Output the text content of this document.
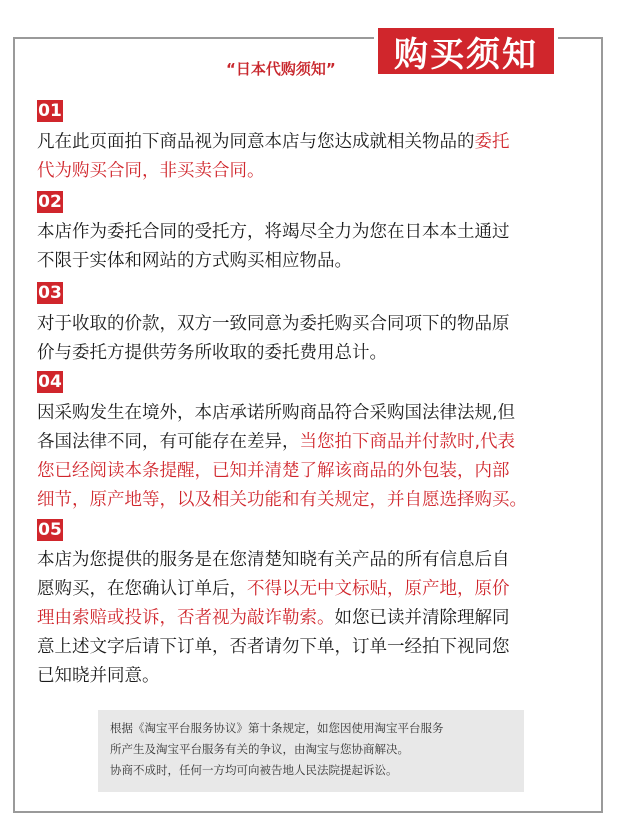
“日本代购须知”	购买须知
01
凡在此页面拍下商品视为同意本店与您达成就相关物品的委托
代为购买合同，非买卖合同。
02
本店作为委托合同的受托方，将竭尽全力为您在日本本土通过
不限于实体和网站的方式购买相应物品。
03
对于收取的价款，双方一致同意为委托购买合同项下的物品原
价与委托方提供劳务所收取的委托费用总计。
04
因采购发生在境外，本店承诺所购商品符合采购国法律法规,但
各国法律不同，有可能存在差异，当您拍下商品并付款时,代表
您已经阅读本条提醒，已知并清楚了解该商品的外包装，内部
细节，原产地等，以及相关功能和有关规定，并自愿选择购买。
05
本店为您提供的服务是在您清楚知晓有关产品的所有信息后自
愿购买，在您确认订单后，不得以无中文标贴，原产地，原价
理由索赔或投诉，否者视为敲诈勒索。如您已读并清除理解同
意上述文字后请下订单，否者请勿下单，订单一经拍下视同您
已知晓并同意。
根据《淘宝平台服务协议》第十条规定，如您因使用淘宝平台服务
所产生及淘宝平台服务有关的争议，由淘宝与您协商解决。
协商不成时，任何一方均可向被告地人民法院提起诉讼。
